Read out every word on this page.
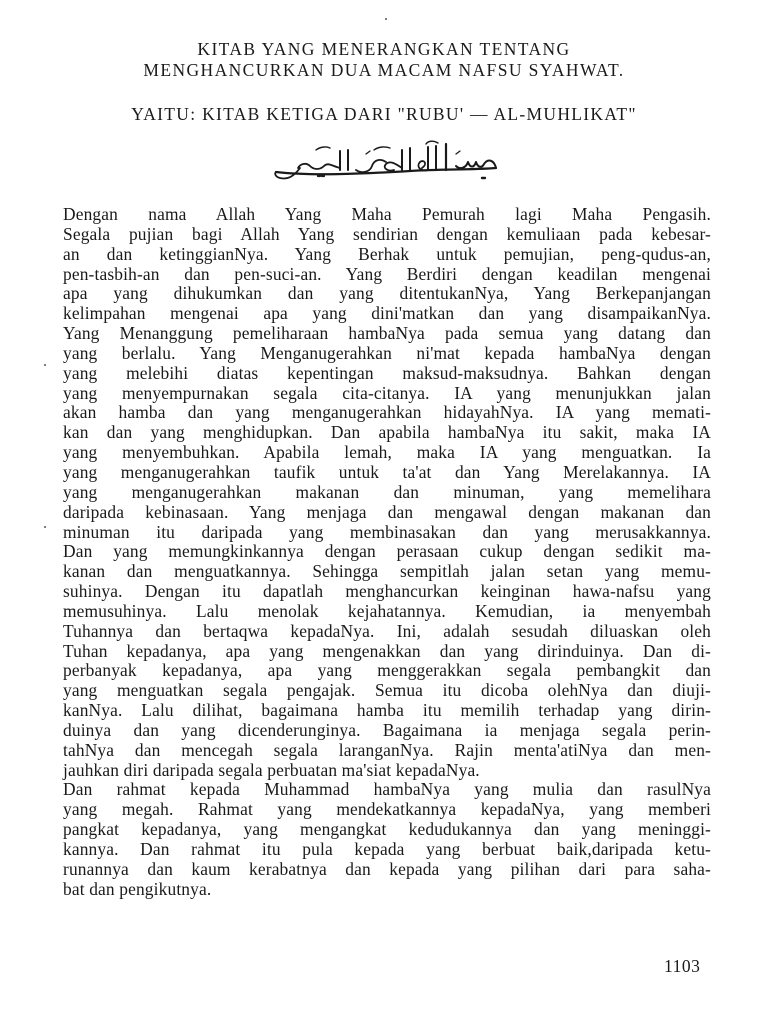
KITAB YANG MENERANGKAN TENTANG
MENGHANCURKAN DUA MACAM NAFSU SYAHWAT.
YAITU: KITAB KETIGA DARI "RUBU' — AL-MUHLIKAT"
Dengan nama Allah Yang Maha Pemurah lagi Maha Pengasih.
Segala pujian bagi Allah Yang sendirian dengan kemuliaan pada kebesar-
an dan ketinggianNya. Yang Berhak untuk pemujian, peng-qudus-an,
pen-tasbih-an dan pen-suci-an. Yang Berdiri dengan keadilan mengenai
apa yang dihukumkan dan yang ditentukanNya, Yang Berkepanjangan
kelimpahan mengenai apa yang dini'matkan dan yang disampaikanNya.
Yang Menanggung pemeliharaan hambaNya pada semua yang datang dan
yang berlalu. Yang Menganugerahkan ni'mat kepada hambaNya dengan
yang melebihi diatas kepentingan maksud-maksudnya. Bahkan dengan
yang menyempurnakan segala cita-citanya. IA yang menunjukkan jalan
akan hamba dan yang menganugerahkan hidayahNya. IA yang memati-
kan dan yang menghidupkan. Dan apabila hambaNya itu sakit, maka IA
yang menyembuhkan. Apabila lemah, maka IA yang menguatkan. Ia
yang menganugerahkan taufik untuk ta'at dan Yang Merelakannya. IA
yang menganugerahkan makanan dan minuman, yang memelihara
daripada kebinasaan. Yang menjaga dan mengawal dengan makanan dan
minuman itu daripada yang membinasakan dan yang merusakkannya.
Dan yang memungkinkannya dengan perasaan cukup dengan sedikit ma-
kanan dan menguatkannya. Sehingga sempitlah jalan setan yang memu-
suhinya. Dengan itu dapatlah menghancurkan keinginan hawa-nafsu yang
memusuhinya. Lalu menolak kejahatannya. Kemudian, ia menyembah
Tuhannya dan bertaqwa kepadaNya. Ini, adalah sesudah diluaskan oleh
Tuhan kepadanya, apa yang mengenakkan dan yang dirinduinya. Dan di-
perbanyak kepadanya, apa yang menggerakkan segala pembangkit dan
yang menguatkan segala pengajak. Semua itu dicoba olehNya dan diuji-
kanNya. Lalu dilihat, bagaimana hamba itu memilih terhadap yang dirin-
duinya dan yang dicenderunginya. Bagaimana ia menjaga segala perin-
tahNya dan mencegah segala laranganNya. Rajin menta'atiNya dan men-
jauhkan diri daripada segala perbuatan ma'siat kepadaNya.
Dan rahmat kepada Muhammad hambaNya yang mulia dan rasulNya
yang megah. Rahmat yang mendekatkannya kepadaNya, yang memberi
pangkat kepadanya, yang mengangkat kedudukannya dan yang meninggi-
kannya. Dan rahmat itu pula kepada yang berbuat baik,daripada ketu-
runannya dan kaum kerabatnya dan kepada yang pilihan dari para saha-
bat dan pengikutnya.
1103
